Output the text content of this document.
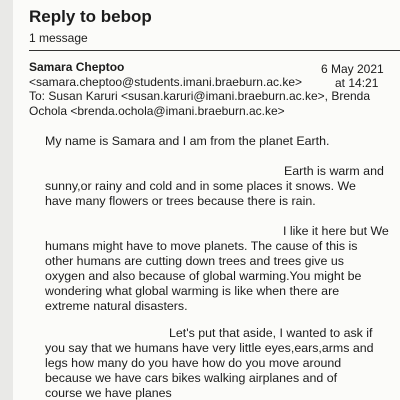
Reply to bebop
1 message
Samara Cheptoo	6 May 2021
<samara.cheptoo@students.imani.braeburn.ac.ke>	at 14:21
To: Susan Karuri <susan.karuri@imani.braeburn.ac.ke>, Brenda Ochola <brenda.ochola@imani.braeburn.ac.ke>
My name is Samara and I am from the planet Earth.
Earth is warm and
sunny,or rainy and cold and in some places it snows. We
have many flowers or trees because there is rain.
I like it here but We
humans might have to move planets. The cause of this is
other humans are cutting down trees and trees give us
oxygen and also because of global warming.You might be
wondering what global warming is like when there are
extreme natural disasters.
Let's put that aside, I wanted to ask if
you say that we humans have very little eyes,ears,arms and
legs how many do you have how do you move around
because we have cars bikes walking airplanes and of
course we have planes
